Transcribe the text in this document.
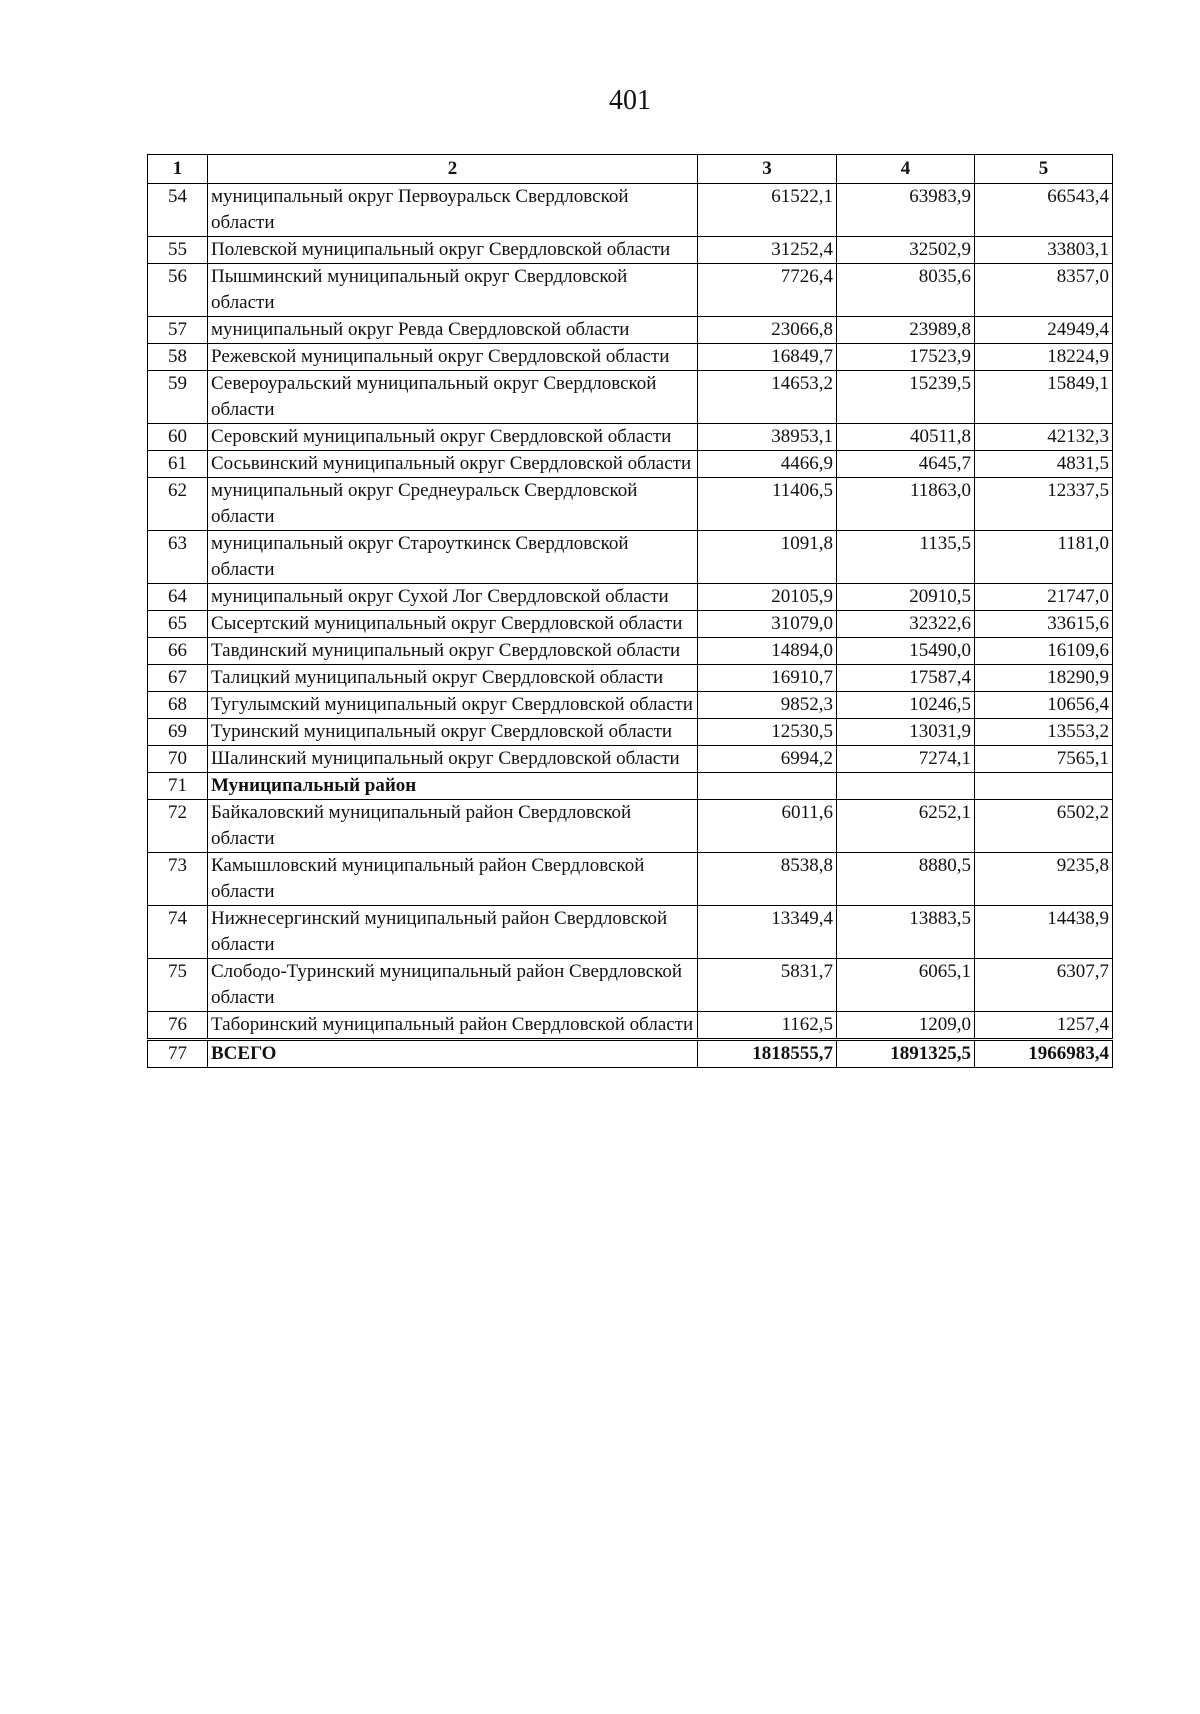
401
1	2	3	4	5
54	муниципальный округ Первоуральск Свердловской области	61522,1	63983,9	66543,4
55	Полевской муниципальный округ Свердловской области	31252,4	32502,9	33803,1
56	Пышминский муниципальный округ Свердловской области	7726,4	8035,6	8357,0
57	муниципальный округ Ревда Свердловской области	23066,8	23989,8	24949,4
58	Режевской муниципальный округ Свердловской области	16849,7	17523,9	18224,9
59	Североуральский муниципальный округ Свердловской области	14653,2	15239,5	15849,1
60	Серовский муниципальный округ Свердловской области	38953,1	40511,8	42132,3
61	Сосьвинский муниципальный округ Свердловской области	4466,9	4645,7	4831,5
62	муниципальный округ Среднеуральск Свердловской области	11406,5	11863,0	12337,5
63	муниципальный округ Староуткинск Свердловской области	1091,8	1135,5	1181,0
64	муниципальный округ Сухой Лог Свердловской области	20105,9	20910,5	21747,0
65	Сысертский муниципальный округ Свердловской области	31079,0	32322,6	33615,6
66	Тавдинский муниципальный округ Свердловской области	14894,0	15490,0	16109,6
67	Талицкий муниципальный округ Свердловской области	16910,7	17587,4	18290,9
68	Тугулымский муниципальный округ Свердловской области	9852,3	10246,5	10656,4
69	Туринский муниципальный округ Свердловской области	12530,5	13031,9	13553,2
70	Шалинский муниципальный округ Свердловской области	6994,2	7274,1	7565,1
71	Муниципальный район			
72	Байкаловский муниципальный район Свердловской области	6011,6	6252,1	6502,2
73	Камышловский муниципальный район Свердловской области	8538,8	8880,5	9235,8
74	Нижнесергинский муниципальный район Свердловской области	13349,4	13883,5	14438,9
75	Слободо-Туринский муниципальный район Свердловской области	5831,7	6065,1	6307,7
76	Таборинский муниципальный район Свердловской области	1162,5	1209,0	1257,4
77	ВСЕГО	1818555,7	1891325,5	1966983,4
